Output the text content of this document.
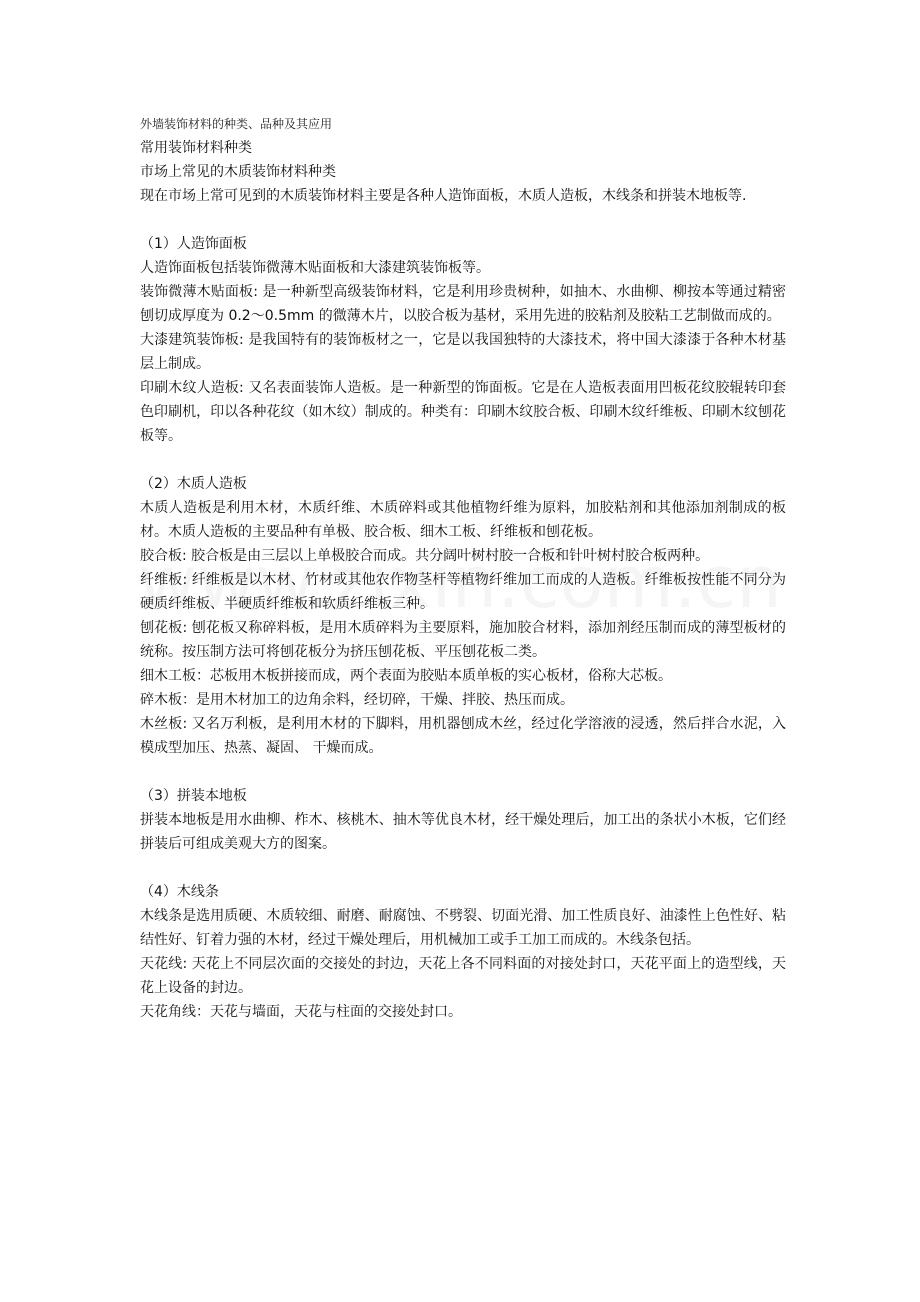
外墙装饰材料的种类、品种及其应用

常用装饰材料种类

市场上常见的木质装饰材料种类

现在市场上常可见到的木质装饰材料主要是各种人造饰面板，木质人造板，木线条和拼装木地板等.

（1）人造饰面板

人造饰面板包括装饰微薄木贴面板和大漆建筑装饰板等。

装饰微薄木贴面板: 是一种新型高级装饰材料，它是利用珍贵树种，如抽木、水曲柳、柳按本等通过精密刨切成厚度为 0.2～0.5mm 的微薄木片，以胶合板为基材，采用先进的胶粘剂及胶粘工艺制做而成的。

大漆建筑装饰板: 是我国特有的装饰板材之一，它是以我国独特的大漆技术，将中国大漆漆于各种木材基层上制成。

印刷木纹人造板: 又名表面装饰人造板。是一种新型的饰面板。它是在人造板表面用凹板花纹胶辊转印套色印刷机，印以各种花纹（如木纹）制成的。种类有：印刷木纹胶合板、印刷木纹纤维板、印刷木纹刨花板等。

（2）木质人造板

木质人造板是利用木材，木质纤维、木质碎料或其他植物纤维为原料，加胶粘剂和其他添加剂制成的板材。木质人造板的主要品种有单极、胶合板、细木工板、纤维板和刨花板。

胶合板: 胶合板是由三层以上单极胶合而成。共分阔叶树村胶一合板和针叶树村胶合板两种。

纤维板: 纤维板是以木材、竹材或其他农作物茎杆等植物纤维加工而成的人造板。纤维板按性能不同分为硬质纤维板、半硬质纤维板和软质纤维板三种。

刨花板: 刨花板又称碎料板，是用木质碎料为主要原料，施加胶合材料，添加剂经压制而成的薄型板材的统称。按压制方法可将刨花板分为挤压刨花板、平压刨花板二类。

细木工板：芯板用木板拼接而成，两个表面为胶贴本质单板的实心板材，俗称大芯板。

碎木板：是用木材加工的边角余料，经切碎，干燥、拌胶、热压而成。

木丝板: 又名万利板，是利用木材的下脚料，用机器刨成木丝，经过化学溶液的浸透，然后拌合水泥，入模成型加压、热蒸、凝固、 干燥而成。

（3）拼装本地板

拼装本地板是用水曲柳、柞木、核桃木、抽木等优良木材，经干燥处理后，加工出的条状小木板，它们经拼装后可组成美观大方的图案。

（4）木线条

木线条是选用质硬、木质较细、耐磨、耐腐蚀、不劈裂、切面光滑、加工性质良好、油漆性上色性好、粘结性好、钉着力强的木材，经过干燥处理后，用机械加工或手工加工而成的。木线条包括。

天花线: 天花上不同层次面的交接处的封边，天花上各不同料面的对接处封口，天花平面上的造型线，天花上设备的封边。

天花角线：天花与墙面，天花与柱面的交接处封口。
